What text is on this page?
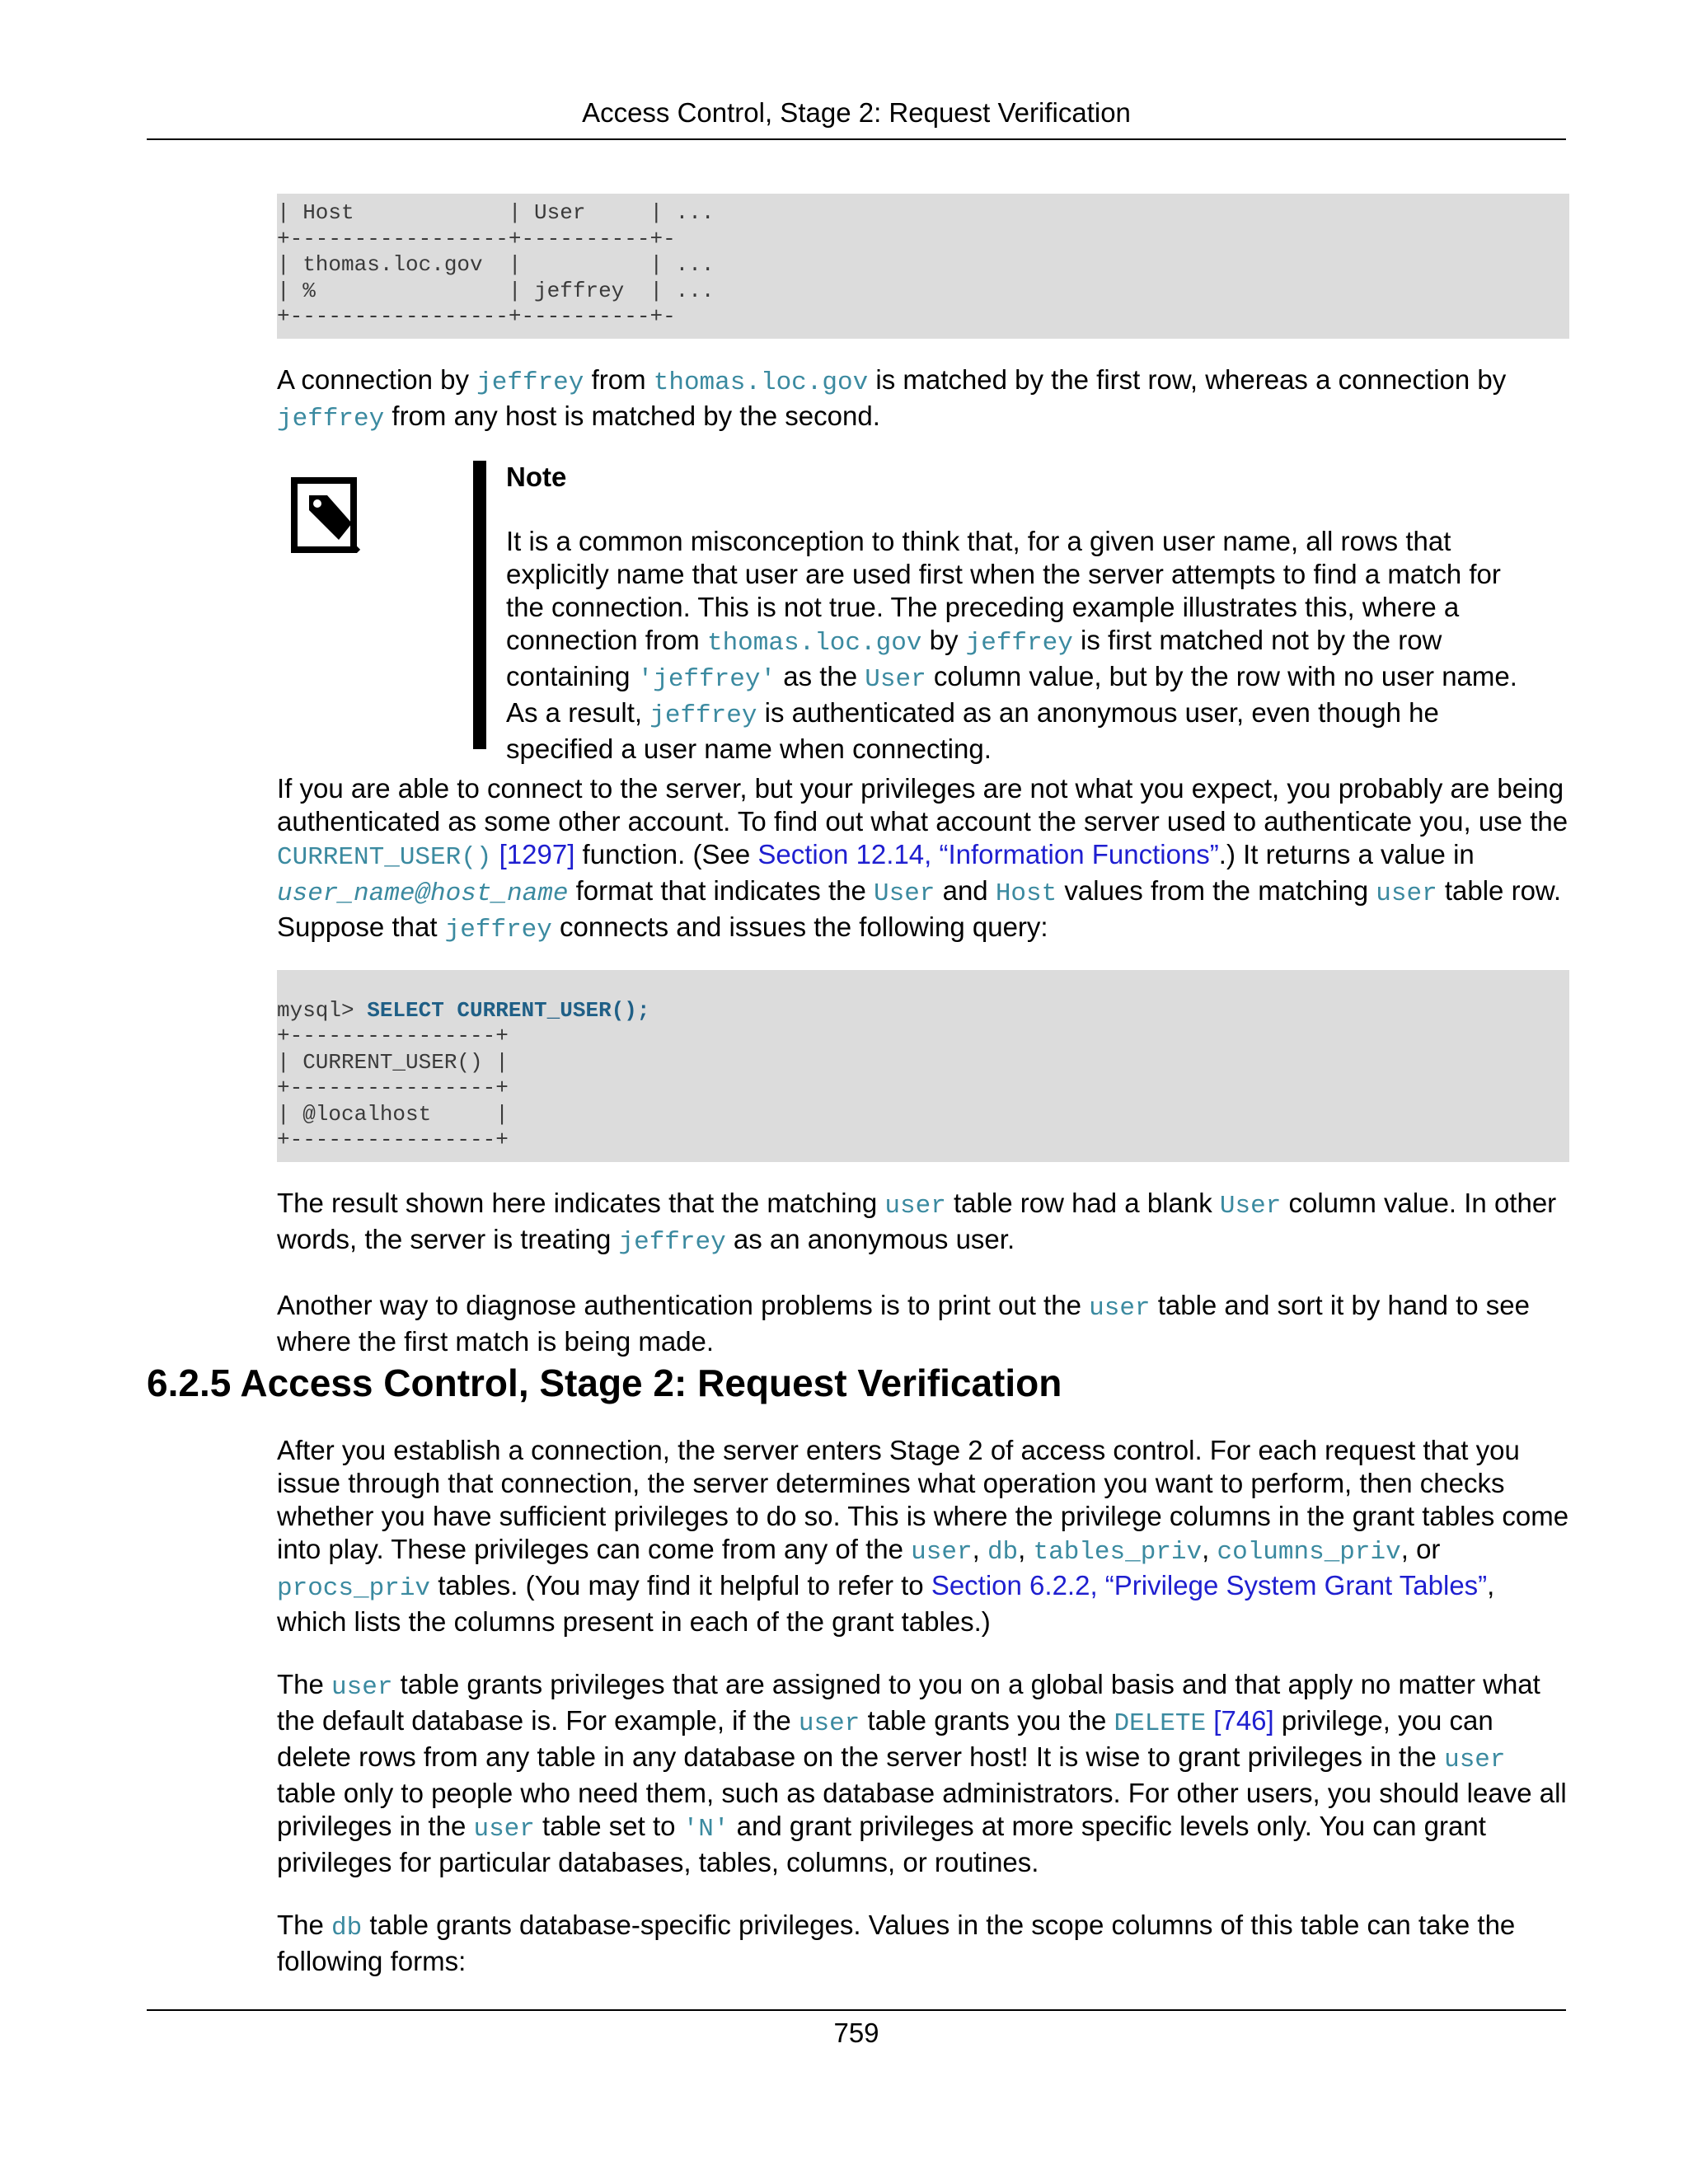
Access Control, Stage 2: Request Verification
| Host            | User     | ...
+-----------------+----------+-
| thomas.loc.gov  |          | ...
| %               | jeffrey  | ...
+-----------------+----------+-

A connection by jeffrey from thomas.loc.gov is matched by the first row, whereas a connection by jeffrey from any host is matched by the second.

Note

It is a common misconception to think that, for a given user name, all rows that explicitly name that user are used first when the server attempts to find a match for the connection. This is not true. The preceding example illustrates this, where a connection from thomas.loc.gov by jeffrey is first matched not by the row containing 'jeffrey' as the User column value, but by the row with no user name. As a result, jeffrey is authenticated as an anonymous user, even though he specified a user name when connecting.

If you are able to connect to the server, but your privileges are not what you expect, you probably are being authenticated as some other account. To find out what account the server used to authenticate you, use the CURRENT_USER() [1297] function. (See Section 12.14, “Information Functions”.) It returns a value in user_name@host_name format that indicates the User and Host values from the matching user table row. Suppose that jeffrey connects and issues the following query:

mysql> SELECT CURRENT_USER();
+----------------+
| CURRENT_USER() |
+----------------+
| @localhost     |
+----------------+

The result shown here indicates that the matching user table row had a blank User column value. In other words, the server is treating jeffrey as an anonymous user.

Another way to diagnose authentication problems is to print out the user table and sort it by hand to see where the first match is being made.

6.2.5 Access Control, Stage 2: Request Verification

After you establish a connection, the server enters Stage 2 of access control. For each request that you issue through that connection, the server determines what operation you want to perform, then checks whether you have sufficient privileges to do so. This is where the privilege columns in the grant tables come into play. These privileges can come from any of the user, db, tables_priv, columns_priv, or procs_priv tables. (You may find it helpful to refer to Section 6.2.2, “Privilege System Grant Tables”, which lists the columns present in each of the grant tables.)

The user table grants privileges that are assigned to you on a global basis and that apply no matter what the default database is. For example, if the user table grants you the DELETE [746] privilege, you can delete rows from any table in any database on the server host! It is wise to grant privileges in the user table only to people who need them, such as database administrators. For other users, you should leave all privileges in the user table set to 'N' and grant privileges at more specific levels only. You can grant privileges for particular databases, tables, columns, or routines.

The db table grants database-specific privileges. Values in the scope columns of this table can take the following forms:

759
